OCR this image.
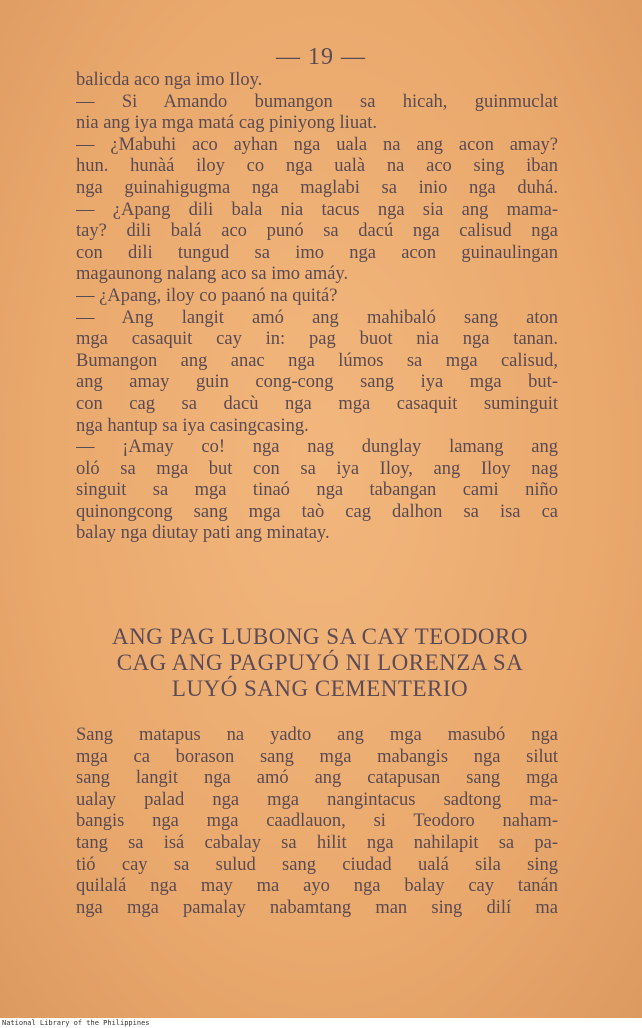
— 19 —
balicda aco nga imo Iloy.
— Si Amando bumangon sa hicah, guinmuclat
nia ang iya mga matá cag piniyong liuat.
— ¿Mabuhi aco ayhan nga uala na ang acon amay?
hun. hunàá iloy co nga ualà na aco sing iban
nga guinahigugma nga maglabi sa inio nga duhá.
— ¿Apang dili bala nia tacus nga sia ang mama-
tay? dili balá aco punó sa dacú nga calisud nga
con dili tungud sa imo nga acon guinaulingan
magaunong nalang aco sa imo amáy.
— ¿Apang, iloy co paanó na quitá?
— Ang langit amó ang mahibaló sang aton
mga casaquit cay in: pag buot nia nga tanan.
Bumangon ang anac nga lúmos sa mga calisud,
ang amay guin cong-cong sang iya mga but-
con cag sa dacù nga mga casaquit suminguit
nga hantup sa iya casingcasing.
— ¡Amay co! nga nag dunglay lamang ang
oló sa mga but con sa iya Iloy, ang Iloy nag
singuit sa mga tinaó nga tabangan cami niño
quinongcong sang mga taò cag dalhon sa isa ca
balay nga diutay pati ang minatay.
ANG PAG LUBONG SA CAY TEODORO
CAG ANG PAGPUYÓ NI LORENZA SA
LUYÓ SANG CEMENTERIO
Sang matapus na yadto ang mga masubó nga
mga ca borason sang mga mabangis nga silut
sang langit nga amó ang catapusan sang mga
ualay palad nga mga nangintacus sadtong ma-
bangis nga mga caadlauon, si Teodoro naham-
tang sa isá cabalay sa hilit nga nahilapit sa pa-
tió cay sa sulud sang ciudad ualá sila sing
quilalá nga may ma ayo nga balay cay tanán
nga mga pamalay nabamtang man sing dilí ma
National Library of the Philippines
